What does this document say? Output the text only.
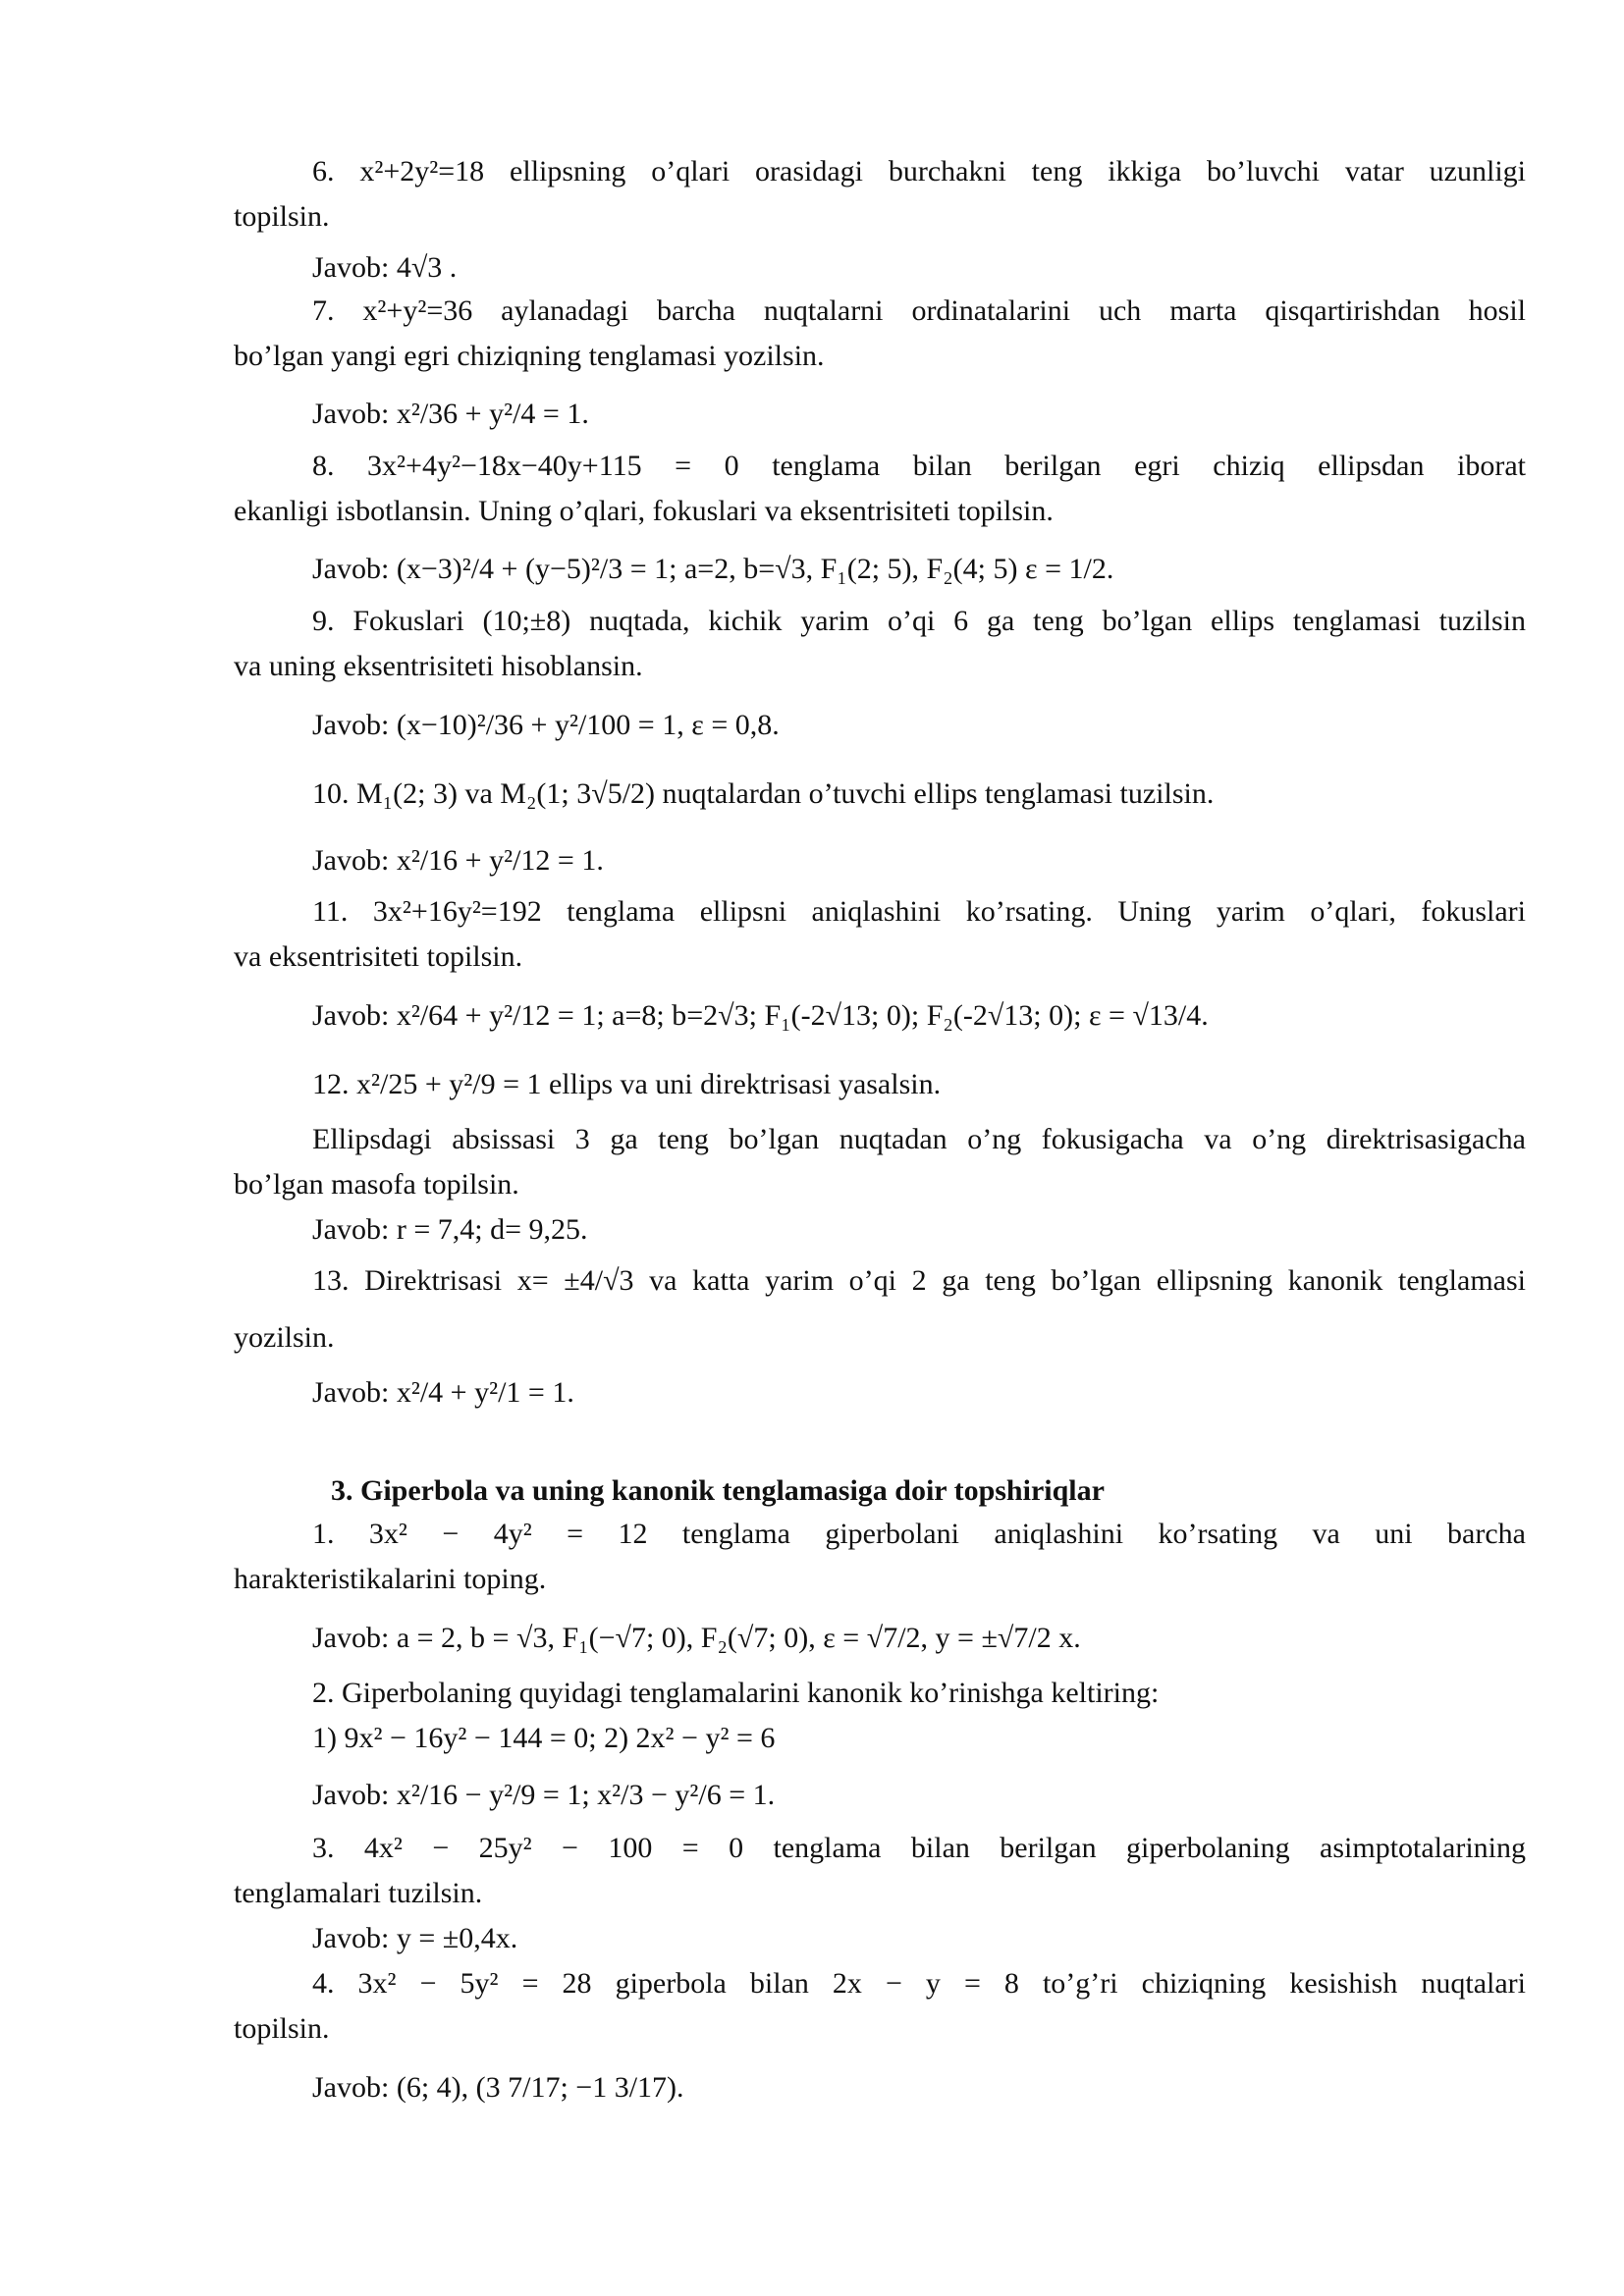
6. x²+2y²=18 ellipsning o’qlari orasidagi burchakni teng ikkiga bo’luvchi vatar uzunligi
topilsin.
Javob: 4√3 .
7. x²+y²=36 aylanadagi barcha nuqtalarni ordinatalarini uch marta qisqartirishdan hosil
bo’lgan yangi egri chiziqning tenglamasi yozilsin.
Javob: x²/36 + y²/4 = 1.
8. 3x²+4y²−18x−40y+115 = 0 tenglama bilan berilgan egri chiziq ellipsdan iborat
ekanligi isbotlansin. Uning o’qlari, fokuslari va eksentrisiteti topilsin.
Javob: (x−3)²/4 + (y−5)²/3 = 1; a=2, b=√3, F₁(2; 5), F₂(4; 5) ε = 1/2.
9. Fokuslari (10;±8) nuqtada, kichik yarim o’qi 6 ga teng bo’lgan ellips tenglamasi tuzilsin
va uning eksentrisiteti hisoblansin.
Javob: (x−10)²/36 + y²/100 = 1, ε = 0,8.
10. M₁(2; 3) va M₂(1; 3√5/2) nuqtalardan o’tuvchi ellips tenglamasi tuzilsin.
Javob: x²/16 + y²/12 = 1.
11. 3x²+16y²=192 tenglama ellipsni aniqlashini ko’rsating. Uning yarim o’qlari, fokuslari
va eksentrisiteti topilsin.
Javob: x²/64 + y²/12 = 1; a=8; b=2√3; F₁(-2√13; 0); F₂(-2√13; 0); ε = √13/4.
12. x²/25 + y²/9 = 1 ellips va uni direktrisasi yasalsin.
Ellipsdagi absissasi 3 ga teng bo’lgan nuqtadan o’ng fokusigacha va o’ng direktrisasigacha
bo’lgan masofa topilsin.
Javob: r = 7,4; d= 9,25.
13. Direktrisasi x= ±4/√3 va katta yarim o’qi 2 ga teng bo’lgan ellipsning kanonik tenglamasi
yozilsin.
Javob: x²/4 + y²/1 = 1.
3. Giperbola va uning kanonik tenglamasiga doir topshiriqlar
1. 3x² − 4y² = 12 tenglama giperbolani aniqlashini ko’rsating va uni barcha
harakteristikalarini toping.
Javob: a = 2, b = √3, F₁(−√7; 0), F₂(√7; 0), ε = √7/2, y = ±√7/2 x.
2. Giperbolaning quyidagi tenglamalarini kanonik ko’rinishga keltiring:
1) 9x² − 16y² − 144 = 0; 2) 2x² − y² = 6
Javob: x²/16 − y²/9 = 1; x²/3 − y²/6 = 1.
3. 4x² − 25y² − 100 = 0 tenglama bilan berilgan giperbolaning asimptotalarining
tenglamalari tuzilsin.
Javob: y = ±0,4x.
4. 3x² − 5y² = 28 giperbola bilan 2x − y = 8 to’g’ri chiziqning kesishish nuqtalari
topilsin.
Javob: (6; 4), (3 7/17; −1 3/17).
